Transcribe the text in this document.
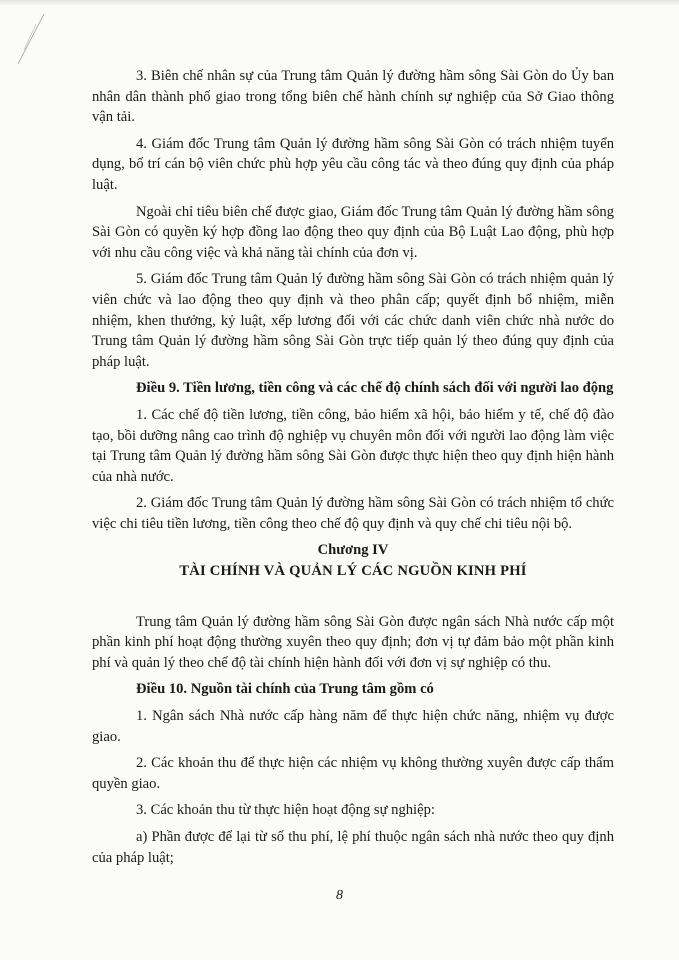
3. Biên chế nhân sự của Trung tâm Quản lý đường hầm sông Sài Gòn do Ủy ban nhân dân thành phố giao trong tổng biên chế hành chính sự nghiệp của Sở Giao thông vận tải.

4. Giám đốc Trung tâm Quản lý đường hầm sông Sài Gòn có trách nhiệm tuyển dụng, bố trí cán bộ viên chức phù hợp yêu cầu công tác và theo đúng quy định của pháp luật.

Ngoài chỉ tiêu biên chế được giao, Giám đốc Trung tâm Quản lý đường hầm sông Sài Gòn có quyền ký hợp đồng lao động theo quy định của Bộ Luật Lao động, phù hợp với nhu cầu công việc và khả năng tài chính của đơn vị.

5. Giám đốc Trung tâm Quản lý đường hầm sông Sài Gòn có trách nhiệm quản lý viên chức và lao động theo quy định và theo phân cấp; quyết định bổ nhiệm, miễn nhiệm, khen thưởng, kỷ luật, xếp lương đối với các chức danh viên chức nhà nước do Trung tâm Quản lý đường hầm sông Sài Gòn trực tiếp quản lý theo đúng quy định của pháp luật.

Điều 9. Tiền lương, tiền công và các chế độ chính sách đối với người lao động

1. Các chế độ tiền lương, tiền công, bảo hiểm xã hội, bảo hiểm y tế, chế độ đào tạo, bồi dưỡng nâng cao trình độ nghiệp vụ chuyên môn đối với người lao động làm việc tại Trung tâm Quản lý đường hầm sông Sài Gòn được thực hiện theo quy định hiện hành của nhà nước.

2. Giám đốc Trung tâm Quản lý đường hầm sông Sài Gòn có trách nhiệm tổ chức việc chi tiêu tiền lương, tiền công theo chế độ quy định và quy chế chi tiêu nội bộ.

Chương IV

TÀI CHÍNH VÀ QUẢN LÝ CÁC NGUỒN KINH PHÍ

Trung tâm Quản lý đường hầm sông Sài Gòn được ngân sách Nhà nước cấp một phần kinh phí hoạt động thường xuyên theo quy định; đơn vị tự đảm bảo một phần kinh phí và quản lý theo chế độ tài chính hiện hành đối với đơn vị sự nghiệp có thu.

Điều 10. Nguồn tài chính của Trung tâm gồm có

1. Ngân sách Nhà nước cấp hàng năm để thực hiện chức năng, nhiệm vụ được giao.

2. Các khoản thu để thực hiện các nhiệm vụ không thường xuyên được cấp thẩm quyền giao.

3. Các khoản thu từ thực hiện hoạt động sự nghiệp:

a) Phần được để lại từ số thu phí, lệ phí thuộc ngân sách nhà nước theo quy định của pháp luật;

8
